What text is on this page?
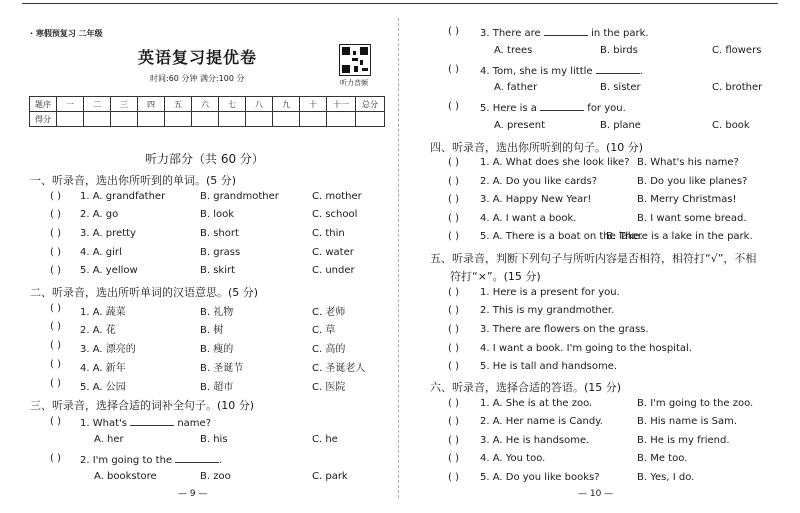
· 寒假预复习 二年级
英语复习提优卷
时间:60 分钟 满分:100 分	听力音频
题序	一	二	三	四	五	六	七	八	九	十	十一	总分
得分												
听力部分（共 60 分）
一、听录音，选出你所听到的单词。(5 分)
( ) 1. A. grandfather	B. grandmother	C. mother
( ) 2. A. go	B. look	C. school
( ) 3. A. pretty	B. short	C. thin
( ) 4. A. girl	B. grass	C. water
( ) 5. A. yellow	B. skirt	C. under
二、听录音，选出所听单词的汉语意思。(5 分)
( ) 1. A. 蔬菜	B. 礼物	C. 老师
( ) 2. A. 花	B. 树	C. 草
( ) 3. A. 漂亮的	B. 瘦的	C. 高的
( ) 4. A. 新年	B. 圣诞节	C. 圣诞老人
( ) 5. A. 公园	B. 超市	C. 医院
三、听录音，选择合适的词补全句子。(10 分)
( ) 1. What's	name?
A. her	B. his	C. he
( ) 2. I'm going to the	.
A. bookstore	B. zoo	C. park
— 9 —
( ) 3. There are	in the park.
A. trees	B. birds	C. flowers
( ) 4. Tom, she is my little	.
A. father	B. sister	C. brother
( ) 5. Here is a	for you.
A. present	B. plane	C. book
四、听录音，选出你所听到的句子。(10 分)
( ) 1. A. What does she look like? B. What's his name?
( ) 2. A. Do you like cards?	B. Do you like planes?
( ) 3. A. Happy New Year!	B. Merry Christmas!
( ) 4. A. I want a book.	B. I want some bread.
( ) 5. A. There is a boat on the lake.
B. There is a lake in the park.
五、听录音，判断下列句子与所听内容是否相符，相符打“√”，不相
符打“×”。(15 分)
( ) 1. Here is a present for you.
( ) 2. This is my grandmother.
( ) 3. There are flowers on the grass.
( ) 4. I want a book. I'm going to the hospital.
( ) 5. He is tall and handsome.
六、听录音，选择合适的答语。(15 分)
( ) 1. A. She is at the zoo.	B. I'm going to the zoo.
( ) 2. A. Her name is Candy.	B. His name is Sam.
( ) 3. A. He is handsome.	B. He is my friend.
( ) 4. A. You too.	B. Me too.
( ) 5. A. Do you like books?	B. Yes, I do.
— 10 —
